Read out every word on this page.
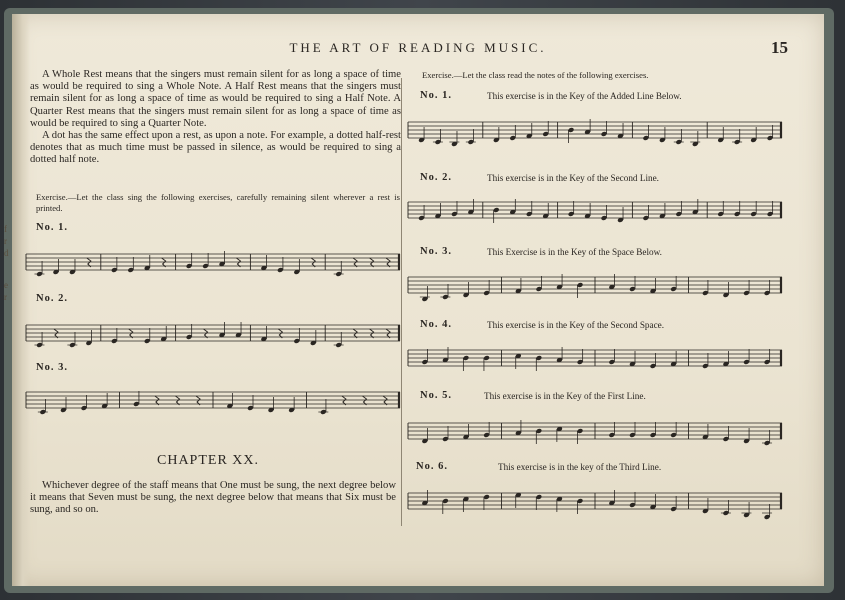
THE ART OF READING MUSIC.	15
f
r
d
e
r

A Whole Rest means that the singers must remain silent for as long a space of time as would be required to sing a Whole Note. A Half Rest means that the singers must remain silent for as long a space of time as would be required to sing a Half Note. A Quarter Rest means that the singers must remain silent for as long a space of time as would be required to sing a Quarter Note.

A dot has the same effect upon a rest, as upon a note. For example, a dotted half-rest denotes that as much time must be passed in silence, as would be required to sing a dotted half note.

Exercise.—Let the class sing the following exercises, carefully remaining silent wherever a rest is printed.
No. 1.
No. 2.
No. 3.
CHAPTER XX.

Whichever degree of the staff means that One must be sung, the next degree below it means that Seven must be sung, the next degree below that means that Six must be sung, and so on.

Exercise.—Let the class read the notes of the following exercises.
No. 1.	This exercise is in the Key of the Added Line Below.
No. 2.	This exercise is in the Key of the Second Line.
No. 3.	This Exercise is in the Key of the Space Below.
No. 4.	This exercise is in the Key of the Second Space.
No. 5.	This exercise is in the Key of the First Line.
No. 6.	This exercise is in the key of the Third Line.
